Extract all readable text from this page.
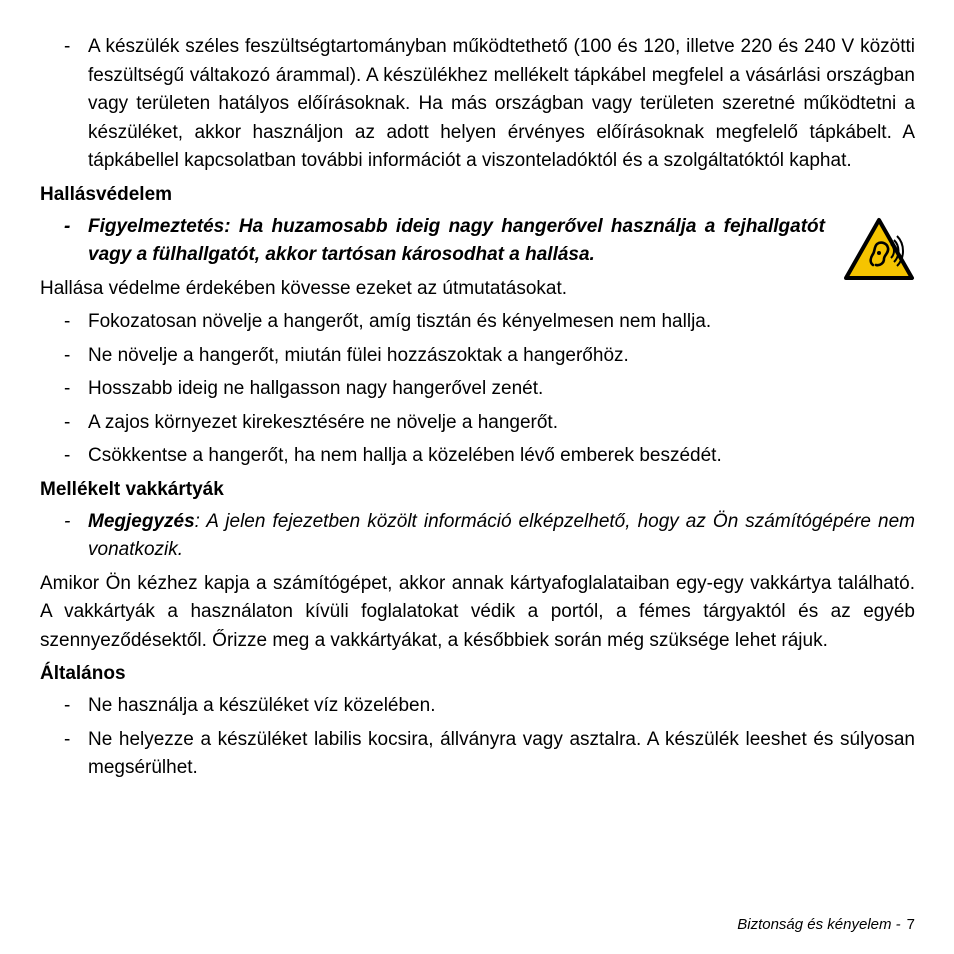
- A készülék széles feszültségtartományban működtethető (100 és 120, illetve 220 és 240 V közötti feszültségű váltakozó árammal). A készülékhez mellékelt tápkábel megfelel a vásárlási országban vagy területen hatályos előírásoknak. Ha más országban vagy területen szeretné működtetni a készüléket, akkor használjon az adott helyen érvényes előírásoknak megfelelő tápkábelt. A tápkábellel kapcsolatban további információt a viszonteladóktól és a szolgáltatóktól kaphat.
Hallásvédelem
- Figyelmeztetés: Ha huzamosabb ideig nagy hangerővel használja a fejhallgatót vagy a fülhallgatót, akkor tartósan károsodhat a hallása.
Hallása védelme érdekében kövesse ezeket az útmutatásokat.
- Fokozatosan növelje a hangerőt, amíg tisztán és kényelmesen nem hallja.
- Ne növelje a hangerőt, miután fülei hozzászoktak a hangerőhöz.
- Hosszabb ideig ne hallgasson nagy hangerővel zenét.
- A zajos környezet kirekesztésére ne növelje a hangerőt.
- Csökkentse a hangerőt, ha nem hallja a közelében lévő emberek beszédét.
Mellékelt vakkártyák
- Megjegyzés: A jelen fejezetben közölt információ elképzelhető, hogy az Ön számítógépére nem vonatkozik.
Amikor Ön kézhez kapja a számítógépet, akkor annak kártyafoglalataiban egy-egy vakkártya található. A vakkártyák a használaton kívüli foglalatokat védik a portól, a fémes tárgyaktól és az egyéb szennyeződésektől. Őrizze meg a vakkártyákat, a későbbiek során még szüksége lehet rájuk.
Általános
- Ne használja a készüléket víz közelében.
- Ne helyezze a készüléket labilis kocsira, állványra vagy asztalra. A készülék leeshet és súlyosan megsérülhet.
Biztonság és kényelem - 7
